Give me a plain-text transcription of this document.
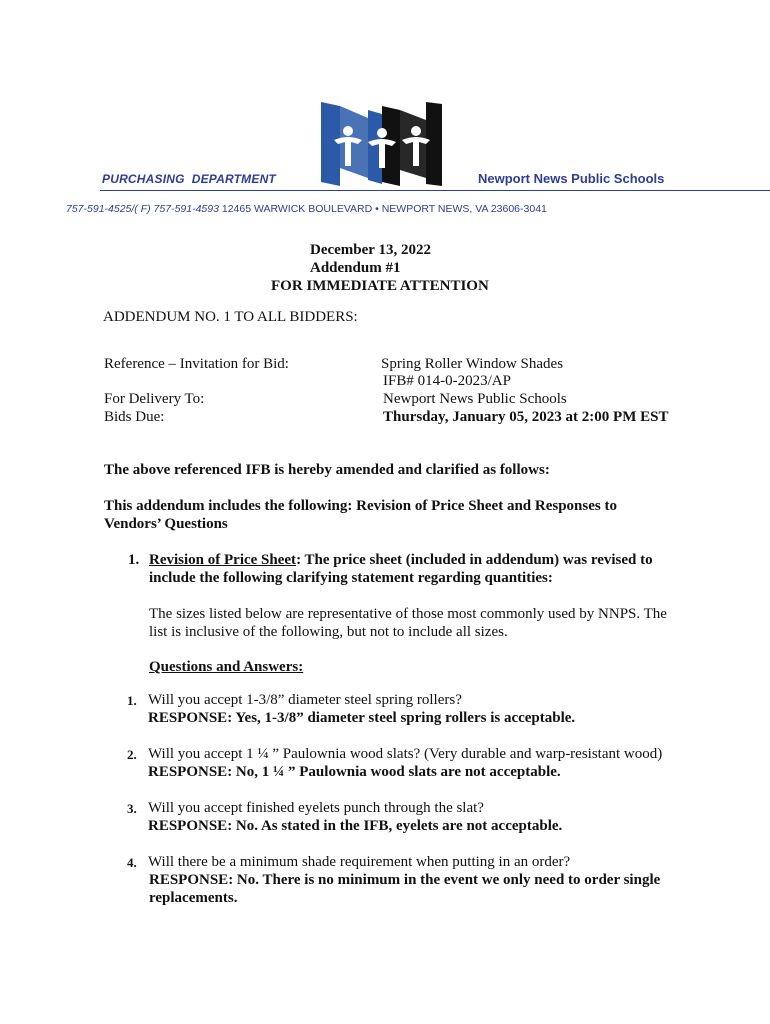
PURCHASING  DEPARTMENT	Newport News Public Schools
757-591-4525/( F) 757-591-4593 12465 WARWICK BOULEVARD • NEWPORT NEWS, VA 23606-3041
December 13, 2022
Addendum #1
FOR IMMEDIATE ATTENTION
ADDENDUM NO. 1 TO ALL BIDDERS:
Reference – Invitation for Bid:	Spring Roller Window Shades
IFB# 014-0-2023/AP
For Delivery To:	Newport News Public Schools
Bids Due:	Thursday, January 05, 2023 at 2:00 PM EST
The above referenced IFB is hereby amended and clarified as follows:
This addendum includes the following: Revision of Price Sheet and Responses to
Vendors’ Questions
1. Revision of Price Sheet: The price sheet (included in addendum) was revised to
include the following clarifying statement regarding quantities:
The sizes listed below are representative of those most commonly used by NNPS. The
list is inclusive of the following, but not to include all sizes.
Questions and Answers:
1. Will you accept 1-3/8” diameter steel spring rollers?
RESPONSE: Yes, 1-3/8” diameter steel spring rollers is acceptable.
2. Will you accept 1 ¼ ” Paulownia wood slats? (Very durable and warp-resistant wood)
RESPONSE: No, 1 ¼ ” Paulownia wood slats are not acceptable.
3. Will you accept finished eyelets punch through the slat?
RESPONSE: No. As stated in the IFB, eyelets are not acceptable.
4. Will there be a minimum shade requirement when putting in an order?
RESPONSE: No. There is no minimum in the event we only need to order single
replacements.
